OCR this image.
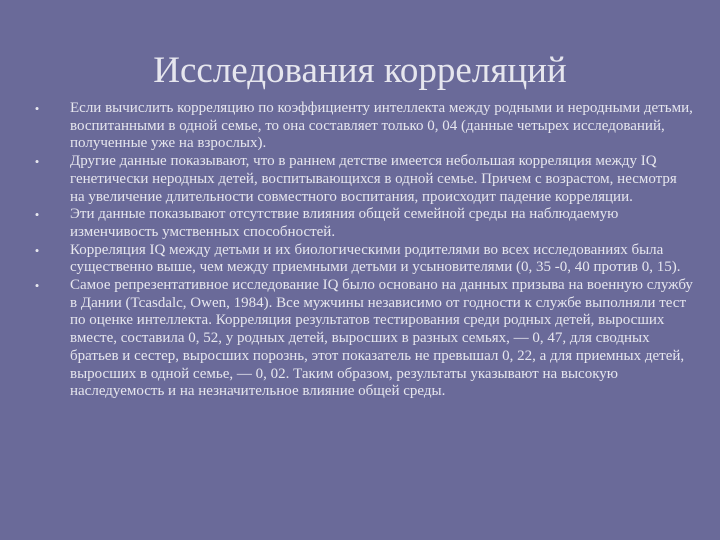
Исследования корреляций
•	Если вычислить корреляцию по коэффициенту интеллекта между родными и неродными детьми, воспитанными в одной семье, то она составляет только 0, 04 (данные четырех исследований, полученные уже на взрослых).
•	Другие данные показывают, что в раннем детстве имеется небольшая корреляция между IQ генетически неродных детей, воспитывающихся в одной семье. Причем с возрастом, несмотря на увеличение длительности совместного воспитания, происходит падение корреляции.
•	Эти данные показывают отсутствие влияния общей семейной среды на наблюдаемую изменчивость умственных способностей.
•	Корреляция IQ между детьми и их биологическими родителями во всех исследованиях была существенно выше, чем между приемными детьми и усыновителями (0, 35 -0, 40 против 0, 15).
•	Самое репрезентативное исследование IQ было основано на данных призыва на военную службу в Дании (Tcasdalc, Owen, 1984). Все мужчины независимо от годности к службе выполняли тест по оценке интеллекта. Корреляция результатов тестирования среди родных детей, выросших вместе, составила 0, 52, у родных детей, выросших в разных семьях, — 0, 47, для сводных братьев и сестер, выросших порознь, этот показатель не превышал 0, 22, а для приемных детей, выросших в одной семье, — 0, 02. Таким образом, результаты указывают на высокую наследуемость и на незначительное влияние общей среды.
